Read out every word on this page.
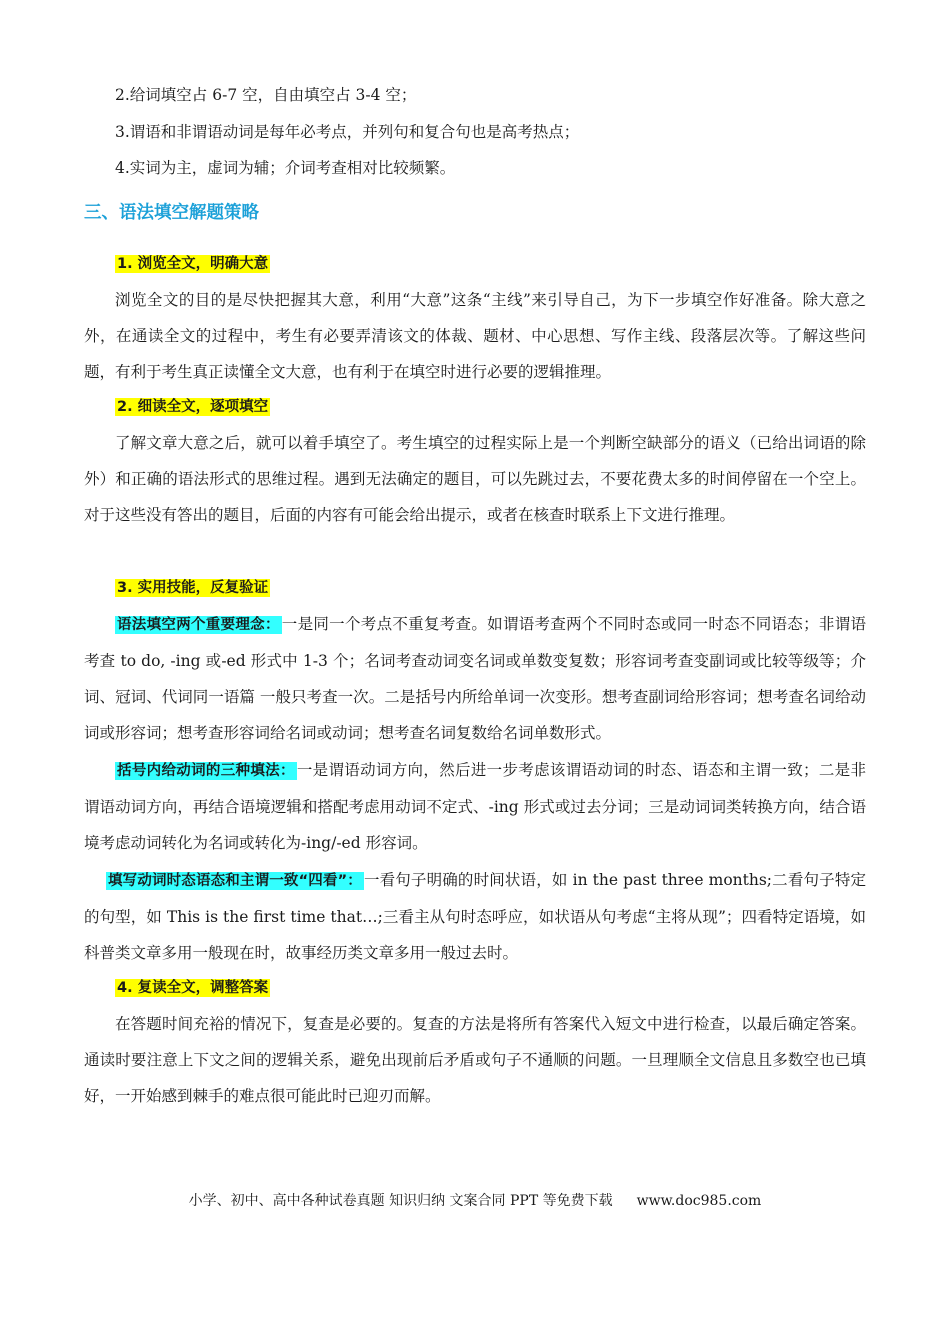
2.给词填空占 6-7 空，自由填空占 3-4 空；
3.谓语和非谓语动词是每年必考点，并列句和复合句也是高考热点；
4.实词为主，虚词为辅；介词考查相对比较频繁。
三、语法填空解题策略
1. 浏览全文，明确大意
浏览全文的目的是尽快把握其大意，利用“大意”这条“主线”来引导自己，为下一步填空作好准备。除大意之外，在通读全文的过程中，考生有必要弄清该文的体裁、题材、中心思想、写作主线、段落层次等。了解这些问题，有利于考生真正读懂全文大意，也有利于在填空时进行必要的逻辑推理。
2. 细读全文，逐项填空
了解文章大意之后，就可以着手填空了。考生填空的过程实际上是一个判断空缺部分的语义（已给出词语的除外）和正确的语法形式的思维过程。遇到无法确定的题目，可以先跳过去，不要花费太多的时间停留在一个空上。对于这些没有答出的题目，后面的内容有可能会给出提示，或者在核查时联系上下文进行推理。
3. 实用技能，反复验证
语法填空两个重要理念： 一是同一个考点不重复考查。如谓语考查两个不同时态或同一时态不同语态；非谓语考查 to do, -ing 或-ed 形式中 1-3 个；名词考查动词变名词或单数变复数；形容词考查变副词或比较等级等；介词、冠词、代词同一语篇 一般只考查一次。二是括号内所给单词一次变形。想考查副词给形容词；想考查名词给动词或形容词；想考查形容词给名词或动词；想考查名词复数给名词单数形式。
括号内给动词的三种填法： 一是谓语动词方向，然后进一步考虑该谓语动词的时态、语态和主谓一致；二是非谓语动词方向，再结合语境逻辑和搭配考虑用动词不定式、-ing 形式或过去分词；三是动词词类转换方向，结合语境考虑动词转化为名词或转化为-ing/-ed 形容词。
填写动词时态语态和主谓一致“四看”： 一看句子明确的时间状语，如 in the past three months;二看句子特定的句型，如 This is the first time that…;三看主从句时态呼应，如状语从句考虑“主将从现”；四看特定语境，如科普类文章多用一般现在时，故事经历类文章多用一般过去时。
4. 复读全文，调整答案
在答题时间充裕的情况下，复查是必要的。复查的方法是将所有答案代入短文中进行检查，以最后确定答案。通读时要注意上下文之间的逻辑关系，避免出现前后矛盾或句子不通顺的问题。一旦理顺全文信息且多数空也已填好，一开始感到棘手的难点很可能此时已迎刃而解。
小学、初中、高中各种试卷真题 知识归纳 文案合同 PPT 等免费下载 www.doc985.com
